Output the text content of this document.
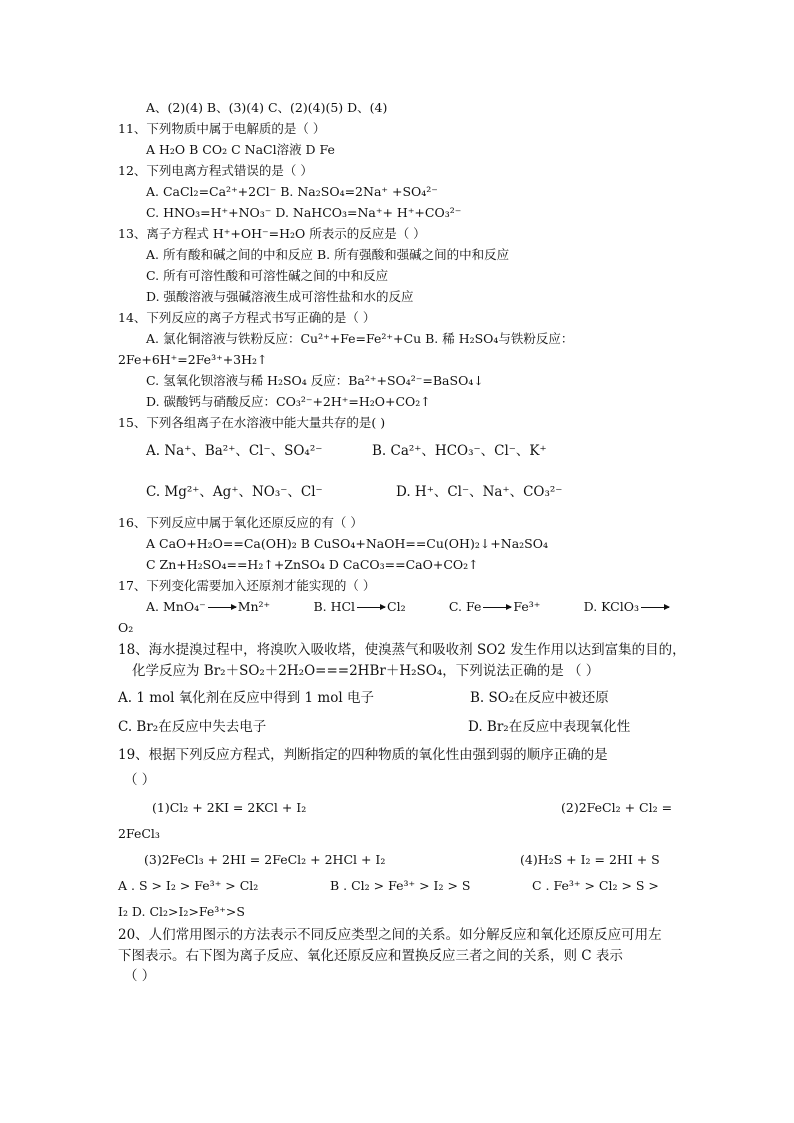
A、(2)(4) B、(3)(4) C、(2)(4)(5) D、(4)
11、下列物质中属于电解质的是（ ）
A H₂O B CO₂ C NaCl溶液 D Fe
12、下列电离方程式错误的是（ ）
A. CaCl₂=Ca²⁺+2Cl⁻ B. Na₂SO₄=2Na⁺ +SO₄²⁻
C. HNO₃=H⁺+NO₃⁻ D. NaHCO₃=Na⁺+ H⁺+CO₃²⁻
13、离子方程式 H⁺+OH⁻=H₂O 所表示的反应是（ ）
A. 所有酸和碱之间的中和反应 B. 所有强酸和强碱之间的中和反应
C. 所有可溶性酸和可溶性碱之间的中和反应
D. 强酸溶液与强碱溶液生成可溶性盐和水的反应
14、下列反应的离子方程式书写正确的是（ ）
A. 氯化铜溶液与铁粉反应：Cu²⁺+Fe=Fe²⁺+Cu B. 稀 H₂SO₄与铁粉反应：
2Fe+6H⁺=2Fe³⁺+3H₂↑
C. 氢氧化钡溶液与稀 H₂SO₄ 反应：Ba²⁺+SO₄²⁻=BaSO₄↓
D. 碳酸钙与硝酸反应：CO₃²⁻+2H⁺=H₂O+CO₂↑
15、下列各组离子在水溶液中能大量共存的是( )
A. Na⁺、Ba²⁺、Cl⁻、SO₄²⁻	B. Ca²⁺、HCO₃⁻、Cl⁻、K⁺
C. Mg²⁺、Ag⁺、NO₃⁻、Cl⁻	D. H⁺、Cl⁻、Na⁺、CO₃²⁻
16、下列反应中属于氧化还原反应的有（ ）
A CaO+H₂O==Ca(OH)₂ B CuSO₄+NaOH==Cu(OH)₂↓+Na₂SO₄
C Zn+H₂SO₄==H₂↑+ZnSO₄ D CaCO₃==CaO+CO₂↑
17、下列变化需要加入还原剂才能实现的（ ）
A. MnO₄⁻ → Mn²⁺	B. HCl → Cl₂	C. Fe → Fe³⁺	D. KClO₃ →
O₂
18、海水提溴过程中，将溴吹入吸收塔，使溴蒸气和吸收剂 SO2 发生作用以达到富集的目的，
化学反应为 Br₂＋SO₂＋2H₂O===2HBr＋H₂SO₄，下列说法正确的是 （ ）
A. 1 mol 氧化剂在反应中得到 1 mol 电子	B. SO₂在反应中被还原
C. Br₂在反应中失去电子	D. Br₂在反应中表现氧化性
19、根据下列反应方程式，判断指定的四种物质的氧化性由强到弱的顺序正确的是
（ ）
(1)Cl₂ + 2KI = 2KCl + I₂	(2)2FeCl₂ + Cl₂ =
2FeCl₃
(3)2FeCl₃ + 2HI = 2FeCl₂ + 2HCl + I₂	(4)H₂S + I₂ = 2HI + S
A . S > I₂ > Fe³⁺ > Cl₂	B . Cl₂ > Fe³⁺ > I₂ > S	C . Fe³⁺ > Cl₂ > S >
I₂ D. Cl₂>I₂>Fe³⁺>S
20、人们常用图示的方法表示不同反应类型之间的关系。如分解反应和氧化还原反应可用左
下图表示。右下图为离子反应、氧化还原反应和置换反应三者之间的关系，则 C 表示
（ ）
